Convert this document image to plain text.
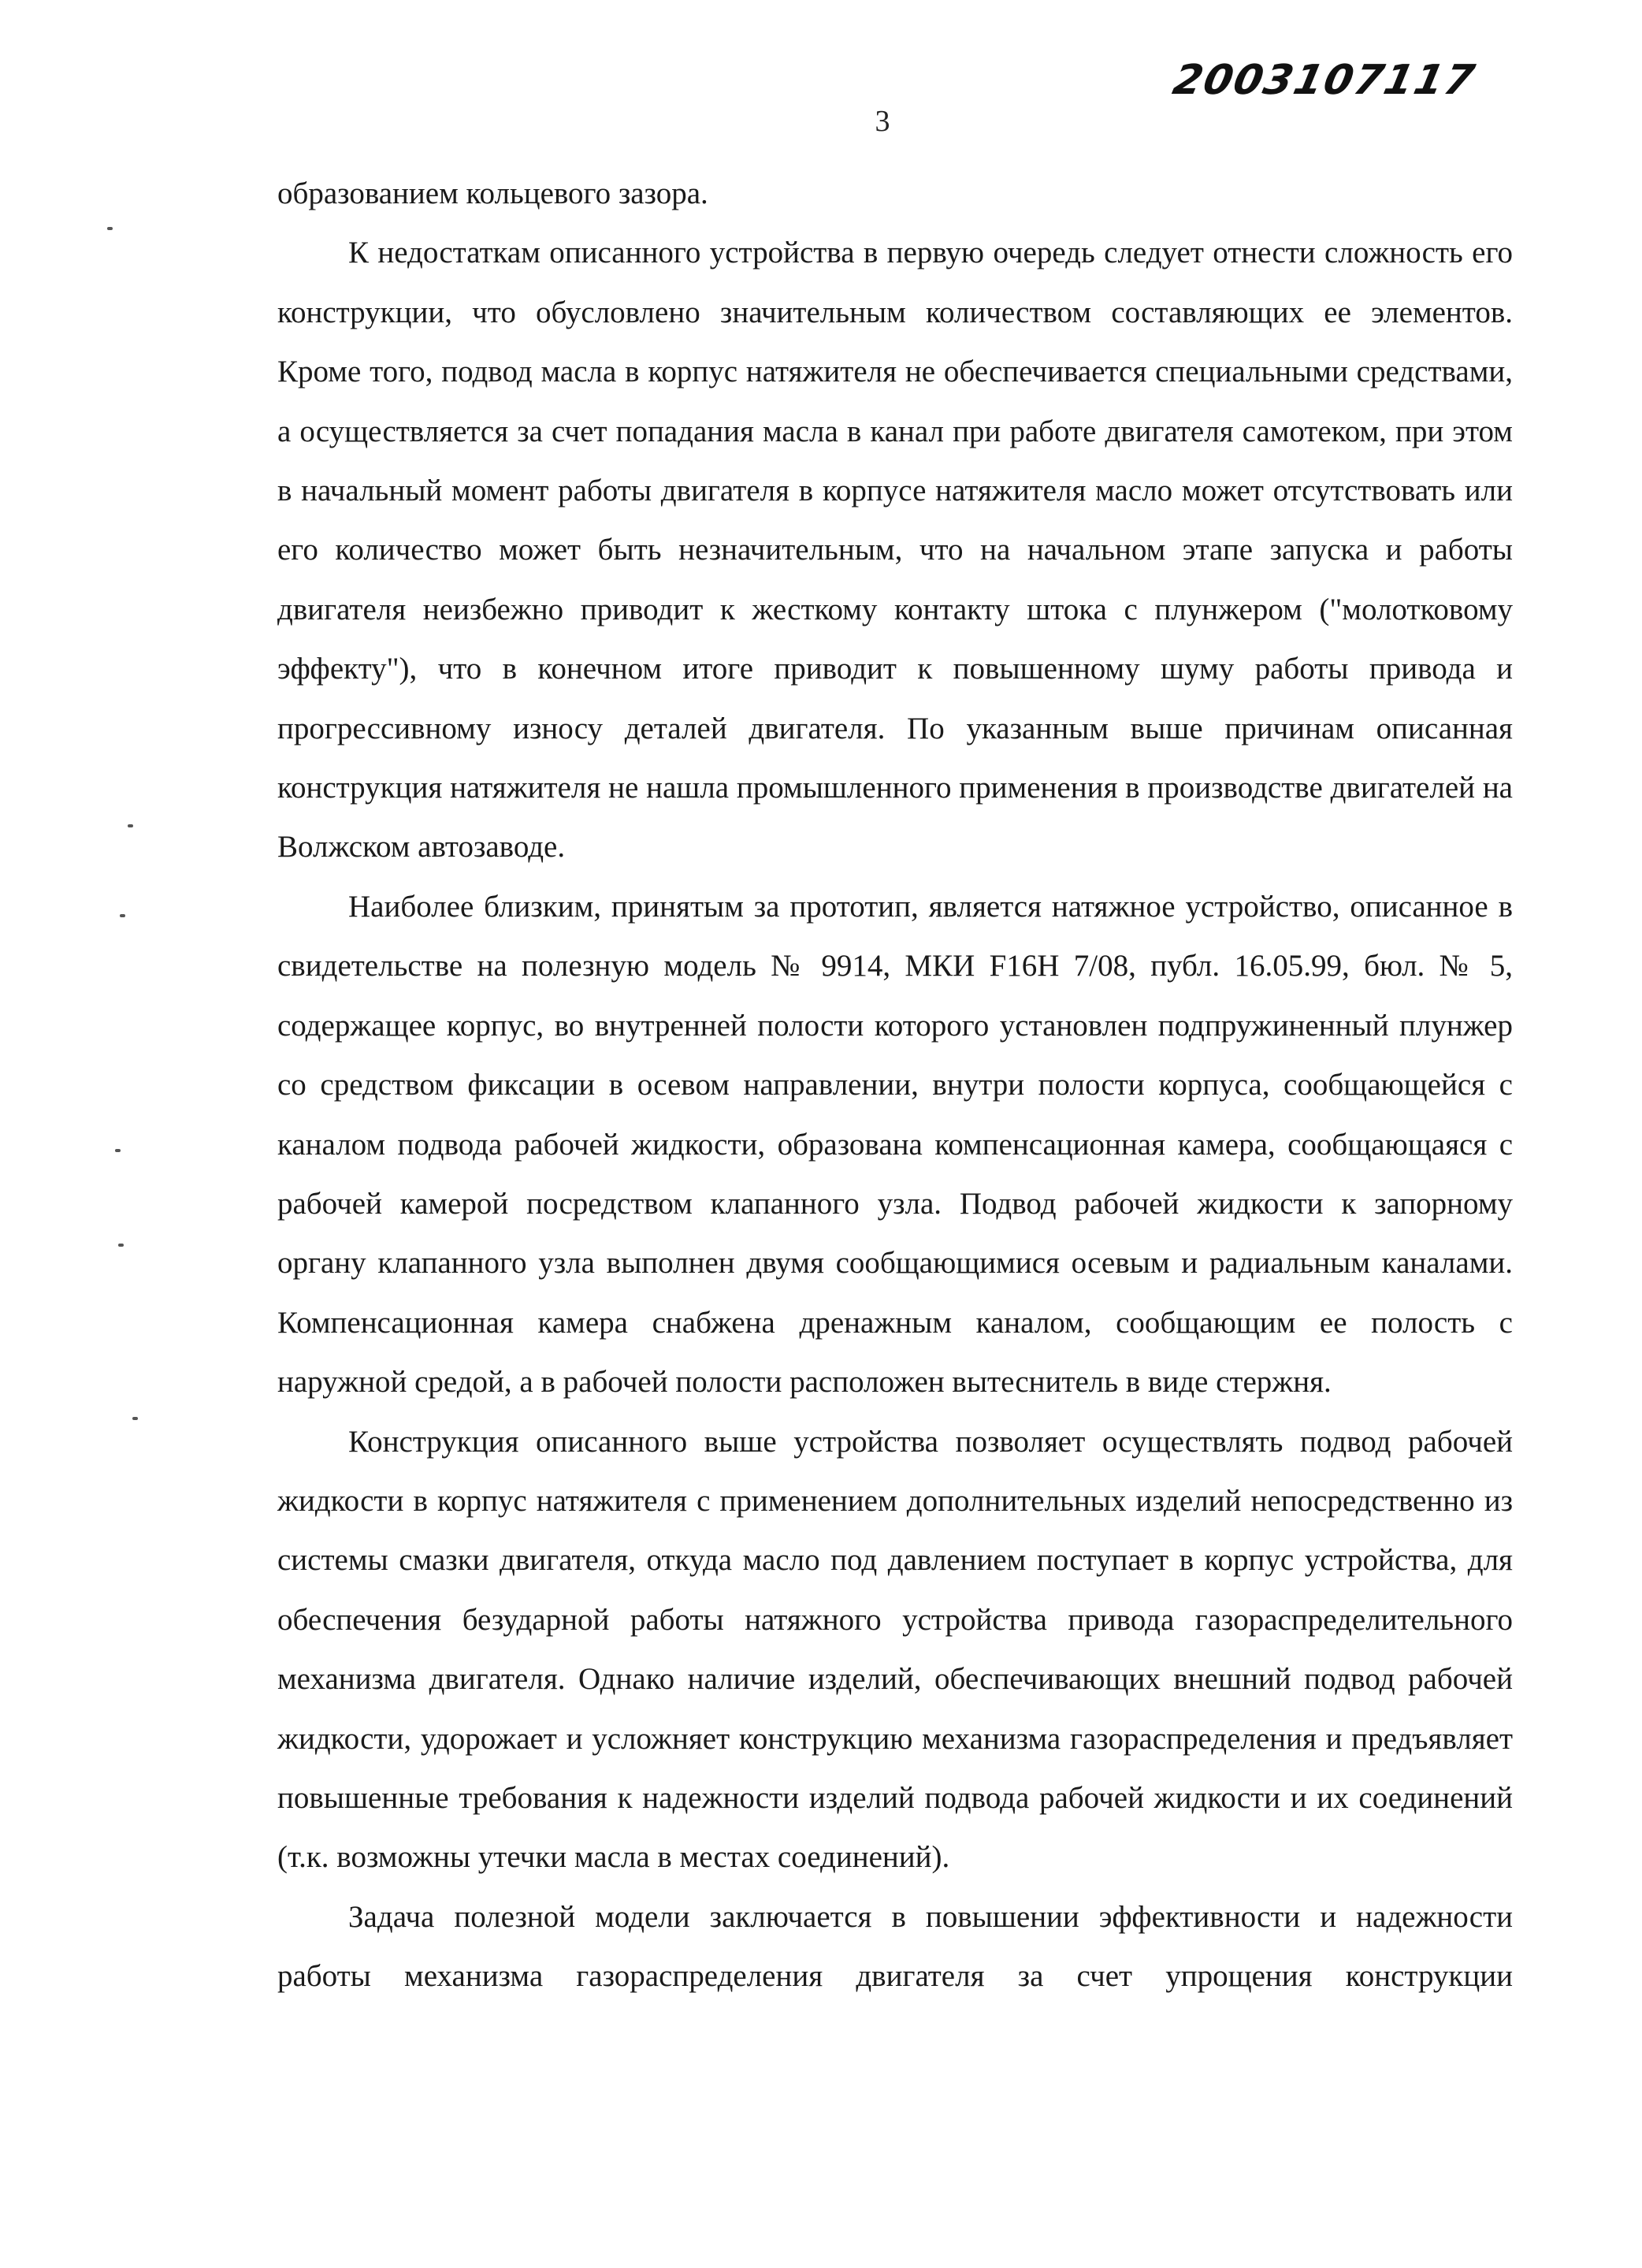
2003107117
3

образованием кольцевого зазора.

К недостаткам описанного устройства в первую очередь следует отнести сложность его конструкции, что обусловлено значительным количеством составляющих ее элементов. Кроме того, подвод масла в корпус натяжителя не обеспечивается специальными средствами, а осуществляется за счет попадания масла в канал при работе двигателя самотеком, при этом в начальный момент работы двигателя в корпусе натяжителя масло может отсутствовать или его количество может быть незначительным, что на начальном этапе запуска и работы двигателя неизбежно приводит к жесткому контакту штока с плунжером ("молотковому эффекту"), что в конечном итоге приводит к повышенному шуму работы привода и прогрессивному износу деталей двигателя. По указанным выше причинам описанная конструкция натяжителя не нашла промышленного применения в производстве двигателей на Волжском автозаводе.

Наиболее близким, принятым за прототип, является натяжное устройство, описанное в свидетельстве на полезную модель № 9914, МКИ F16H 7/08, публ. 16.05.99, бюл. № 5, содержащее корпус, во внутренней полости которого установлен подпружиненный плунжер со средством фиксации в осевом направлении, внутри полости корпуса, сообщающейся с каналом подвода рабочей жидкости, образована компенсационная камера, сообщающаяся с рабочей камерой посредством клапанного узла. Подвод рабочей жидкости к запорному органу клапанного узла выполнен двумя сообщающимися осевым и радиальным каналами. Компенсационная камера снабжена дренажным каналом, сообщающим ее полость с наружной средой, а в рабочей полости расположен вытеснитель в виде стержня.

Конструкция описанного выше устройства позволяет осуществлять подвод рабочей жидкости в корпус натяжителя с применением дополнительных изделий непосредственно из системы смазки двигателя, откуда масло под давлением поступает в корпус устройства, для обеспечения безударной работы натяжного устройства привода газораспределительного механизма двигателя. Однако наличие изделий, обеспечивающих внешний подвод рабочей жидкости, удорожает и усложняет конструкцию механизма газораспределения и предъявляет повышенные требования к надежности изделий подвода рабочей жидкости и их соединений (т.к. возможны утечки масла в местах соединений).

Задача полезной модели заключается в повышении эффективности и надежности работы механизма газораспределения двигателя за счет упрощения конструкции
